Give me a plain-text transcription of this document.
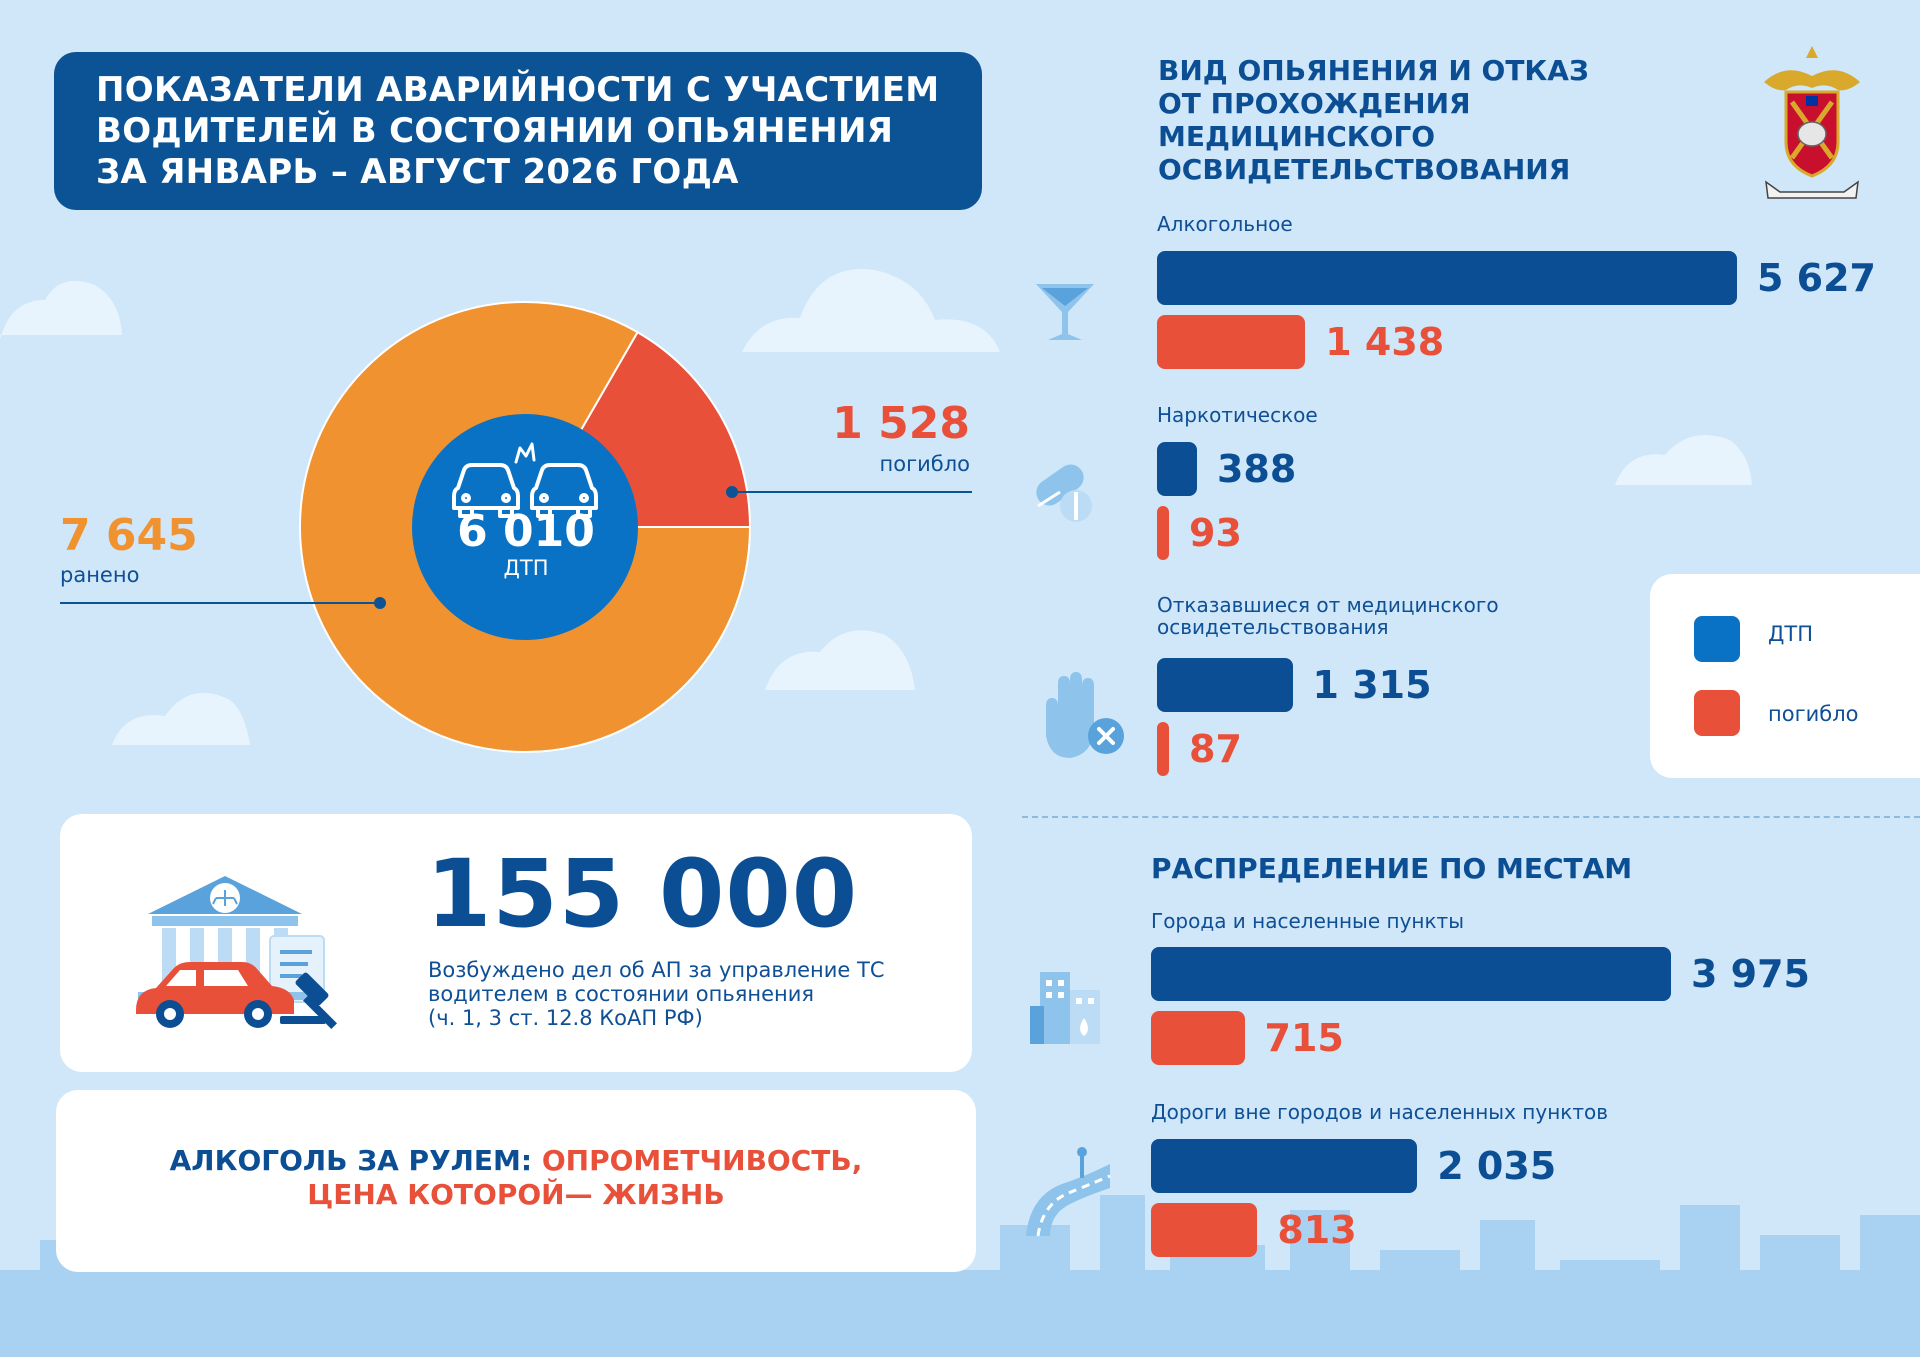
ПОКАЗАТЕЛИ АВАРИЙНОСТИ С УЧАСТИЕМ
ВОДИТЕЛЕЙ В СОСТОЯНИИ ОПЬЯНЕНИЯ
ЗА ЯНВАРЬ – АВГУСТ 2026 ГОДА
6 010
ДТП
1 528
погибло
7 645
ранено
155 000
Возбуждено дел об АП за управление ТС
водителем в состоянии опьянения
(ч. 1, 3 ст. 12.8 КоАП РФ)
АЛКОГОЛЬ ЗА РУЛЕМ: ОПРОМЕТЧИВОСТЬ,
ЦЕНА КОТОРОЙ— ЖИЗНЬ
ВИД ОПЬЯНЕНИЯ И ОТКАЗ
ОТ ПРОХОЖДЕНИЯ
МЕДИЦИНСКОГО
ОСВИДЕТЕЛЬСТВОВАНИЯ
Алкогольное
Наркотическое
Отказавшиеся от медицинского освидетельствования
5 627
1 438
388
93
1 315
87
ДТП
погибло
РАСПРЕДЕЛЕНИЕ ПО МЕСТАМ
Города и населенные пункты
Дороги вне городов и населенных пунктов
3 975
715
2 035
813
